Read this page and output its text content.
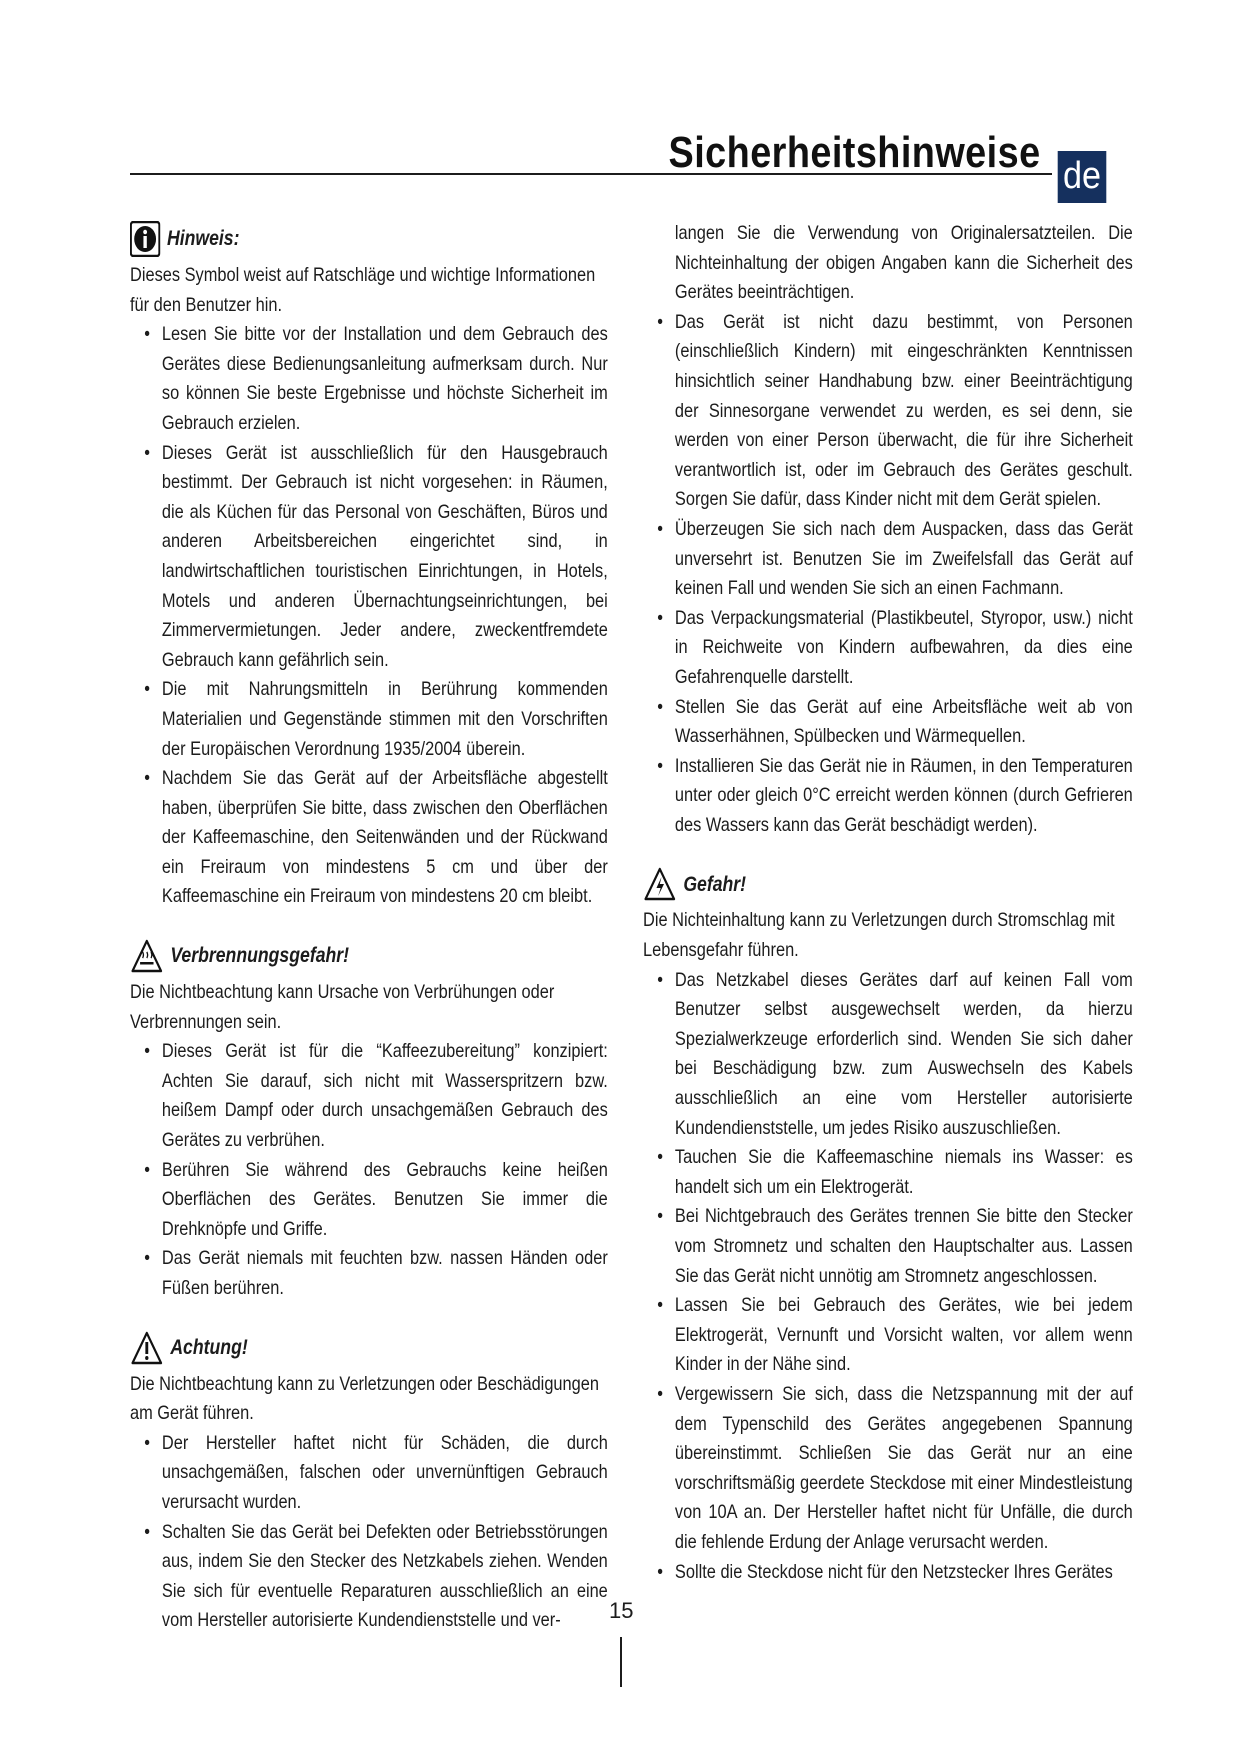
Sicherheitshinweise de
Hinweis:

Dieses Symbol weist auf Ratschläge und wichtige Informationen für den Benutzer hin.

• Lesen Sie bitte vor der Installation und dem Gebrauch des Gerätes diese Bedienungsanleitung aufmerksam durch. Nur so können Sie beste Ergebnisse und höchste Sicherheit im Gebrauch erzielen.
• Dieses Gerät ist ausschließlich für den Hausgebrauch bestimmt. Der Gebrauch ist nicht vorgesehen: in Räumen, die als Küchen für das Personal von Geschäften, Büros und anderen Arbeitsbereichen eingerichtet sind, in landwirtschaftlichen touristischen Einrichtungen, in Hotels, Motels und anderen Übernachtungseinrichtungen, bei Zimmervermietungen. Jeder andere, zweckentfremdete Gebrauch kann gefährlich sein.
• Die mit Nahrungsmitteln in Berührung kommenden Materialien und Gegenstände stimmen mit den Vorschriften der Europäischen Verordnung 1935/2004 überein.
• Nachdem Sie das Gerät auf der Arbeitsfläche abgestellt haben, überprüfen Sie bitte, dass zwischen den Oberflächen der Kaffeemaschine, den Seitenwänden und der Rückwand ein Freiraum von mindestens 5 cm und über der Kaffeemaschine ein Freiraum von mindestens 20 cm bleibt.
Verbrennungsgefahr!

Die Nichtbeachtung kann Ursache von Verbrühungen oder Verbrennungen sein.

• Dieses Gerät ist für die “Kaffeezubereitung” konzipiert: Achten Sie darauf, sich nicht mit Wasserspritzern bzw. heißem Dampf oder durch unsachgemäßen Gebrauch des Gerätes zu verbrühen.
• Berühren Sie während des Gebrauchs keine heißen Oberflächen des Gerätes. Benutzen Sie immer die Drehknöpfe und Griffe.
• Das Gerät niemals mit feuchten bzw. nassen Händen oder Füßen berühren.
Achtung!

Die Nichtbeachtung kann zu Verletzungen oder Beschädigungen am Gerät führen.

• Der Hersteller haftet nicht für Schäden, die durch unsachgemäßen, falschen oder unvernünftigen Gebrauch verursacht wurden.
• Schalten Sie das Gerät bei Defekten oder Betriebsstörungen aus, indem Sie den Stecker des Netzkabels ziehen. Wenden Sie sich für eventuelle Reparaturen ausschließlich an eine vom Hersteller autorisierte Kundendienststelle und ver-

langen Sie die Verwendung von Originalersatzteilen. Die Nichteinhaltung der obigen Angaben kann die Sicherheit des Gerätes beeinträchtigen.

• Das Gerät ist nicht dazu bestimmt, von Personen (einschließlich Kindern) mit eingeschränkten Kenntnissen hinsichtlich seiner Handhabung bzw. einer Beeinträchtigung der Sinnesorgane verwendet zu werden, es sei denn, sie werden von einer Person überwacht, die für ihre Sicherheit verantwortlich ist, oder im Gebrauch des Gerätes geschult. Sorgen Sie dafür, dass Kinder nicht mit dem Gerät spielen.
• Überzeugen Sie sich nach dem Auspacken, dass das Gerät unversehrt ist. Benutzen Sie im Zweifelsfall das Gerät auf keinen Fall und wenden Sie sich an einen Fachmann.
• Das Verpackungsmaterial (Plastikbeutel, Styropor, usw.) nicht in Reichweite von Kindern aufbewahren, da dies eine Gefahrenquelle darstellt.
• Stellen Sie das Gerät auf eine Arbeitsfläche weit ab von Wasserhähnen, Spülbecken und Wärmequellen.
• Installieren Sie das Gerät nie in Räumen, in den Temperaturen unter oder gleich 0°C erreicht werden können (durch Gefrieren des Wassers kann das Gerät beschädigt werden).
Gefahr!

Die Nichteinhaltung kann zu Verletzungen durch Stromschlag mit Lebensgefahr führen.

• Das Netzkabel dieses Gerätes darf auf keinen Fall vom Benutzer selbst ausgewechselt werden, da hierzu Spezialwerkzeuge erforderlich sind. Wenden Sie sich daher bei Beschädigung bzw. zum Auswechseln des Kabels ausschließlich an eine vom Hersteller autorisierte Kundendienststelle, um jedes Risiko auszuschließen.
• Tauchen Sie die Kaffeemaschine niemals ins Wasser: es handelt sich um ein Elektrogerät.
• Bei Nichtgebrauch des Gerätes trennen Sie bitte den Stecker vom Stromnetz und schalten den Hauptschalter aus. Lassen Sie das Gerät nicht unnötig am Stromnetz angeschlossen.
• Lassen Sie bei Gebrauch des Gerätes, wie bei jedem Elektrogerät, Vernunft und Vorsicht walten, vor allem wenn Kinder in der Nähe sind.
• Vergewissern Sie sich, dass die Netzspannung mit der auf dem Typenschild des Gerätes angegebenen Spannung übereinstimmt. Schließen Sie das Gerät nur an eine vorschriftsmäßig geerdete Steckdose mit einer Mindestleistung von 10A an. Der Hersteller haftet nicht für Unfälle, die durch die fehlende Erdung der Anlage verursacht werden.
• Sollte die Steckdose nicht für den Netzstecker Ihres Gerätes
15
